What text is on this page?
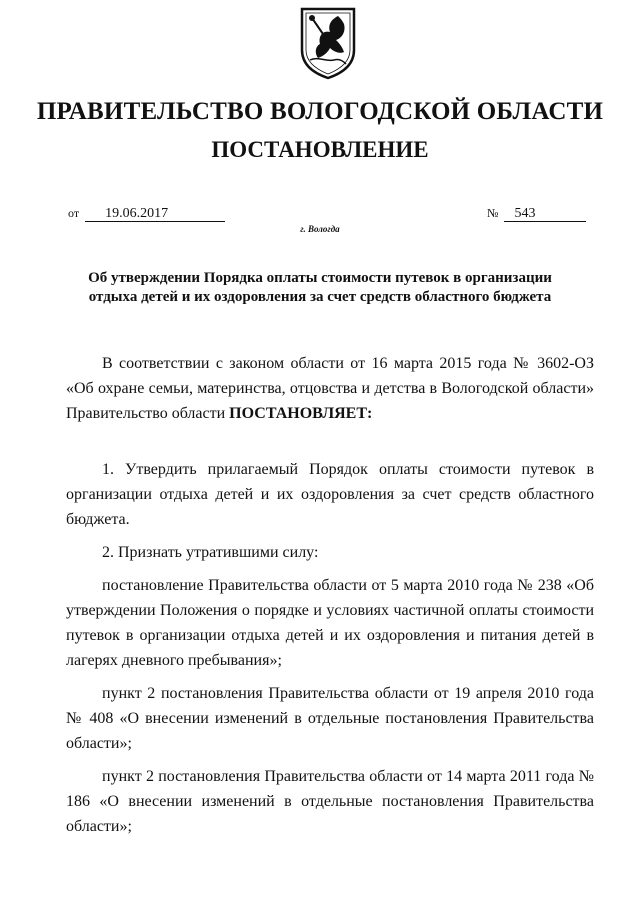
ПРАВИТЕЛЬСТВО ВОЛОГОДСКОЙ ОБЛАСТИ
ПОСТАНОВЛЕНИЕ
от 19.06.2017	№ 543
г. Вологда
Об утверждении Порядка оплаты стоимости путевок в организации
отдыха детей и их оздоровления за счет средств областного бюджета

В соответствии с законом области от 16 марта 2015 года № 3602-ОЗ «Об охране семьи, материнства, отцовства и детства в Вологодской области» Правительство области ПОСТАНОВЛЯЕТ:

1. Утвердить прилагаемый Порядок оплаты стоимости путевок в организации отдыха детей и их оздоровления за счет средств областного бюджета.

2. Признать утратившими силу:

постановление Правительства области от 5 марта 2010 года № 238 «Об утверждении Положения о порядке и условиях частичной оплаты стоимости путевок в организации отдыха детей и их оздоровления и питания детей в лагерях дневного пребывания»;

пункт 2 постановления Правительства области от 19 апреля 2010 года № 408 «О внесении изменений в отдельные постановления Правительства области»;

пункт 2 постановления Правительства области от 14 марта 2011 года № 186 «О внесении изменений в отдельные постановления Правительства области»;
